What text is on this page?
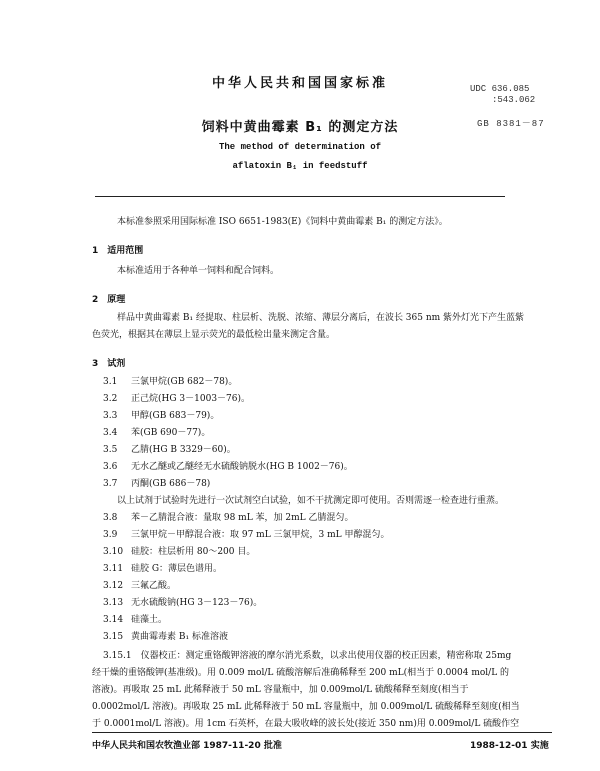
中华人民共和国国家标准	UDC 636.085
:543.062
饲料中黄曲霉素 B₁ 的测定方法	GB 8381－87
The method of determination of
aflatoxin B₁ in feedstuff
本标准参照采用国际标准 ISO 6651-1983(E)《饲料中黄曲霉素 B₁ 的测定方法》。
1　适用范围
本标准适用于各种单一饲料和配合饲料。
2　原理
样品中黄曲霉素 B₁ 经提取、柱层析、洗脱、浓缩、薄层分离后，在波长 365 nm 紫外灯光下产生蓝紫
色荧光，根据其在薄层上显示荧光的最低检出量来测定含量。
3　试剂
3.1 三氯甲烷(GB 682－78)。
3.2 正己烷(HG 3－1003－76)。
3.3 甲醇(GB 683－79)。
3.4 苯(GB 690－77)。
3.5 乙腈(HG B 3329－60)。
3.6 无水乙醚或乙醚经无水硫酸钠脱水(HG B 1002－76)。
3.7 丙酮(GB 686－78)
以上试剂于试验时先进行一次试剂空白试验，如不干扰测定即可使用。否则需逐一检查进行重蒸。
3.8 苯－乙腈混合液：量取 98 mL 苯，加 2mL 乙腈混匀。
3.9 三氯甲烷－甲醇混合液：取 97 mL 三氯甲烷，3 mL 甲醇混匀。
3.10 硅胶：柱层析用 80～200 目。
3.11 硅胶 G：薄层色谱用。
3.12 三氟乙酸。
3.13 无水硫酸钠(HG 3－123－76)。
3.14 硅藻土。
3.15 黄曲霉毒素 B₁ 标准溶液
3.15.1　仪器校正：测定重铬酸钾溶液的摩尔消光系数，以求出使用仪器的校正因素，精密称取 25mg
经干燥的重铬酸钾(基准级)。用 0.009 mol/L 硫酸溶解后准确稀释至 200 mL(相当于 0.0004 mol/L 的
溶液)。再吸取 25 mL 此稀释液于 50 mL 容量瓶中，加 0.009mol/L 硫酸稀释至刻度(相当于
0.0002mol/L 溶液)。再吸取 25 mL 此稀释液于 50 mL 容量瓶中，加 0.009mol/L 硫酸稀释至刻度(相当
于 0.0001mol/L 溶液)。用 1cm 石英杯，在最大吸收峰的波长处(接近 350 nm)用 0.009mol/L 硫酸作空
中华人民共和国农牧渔业部 1987-11-20 批准	1988-12-01 实施
